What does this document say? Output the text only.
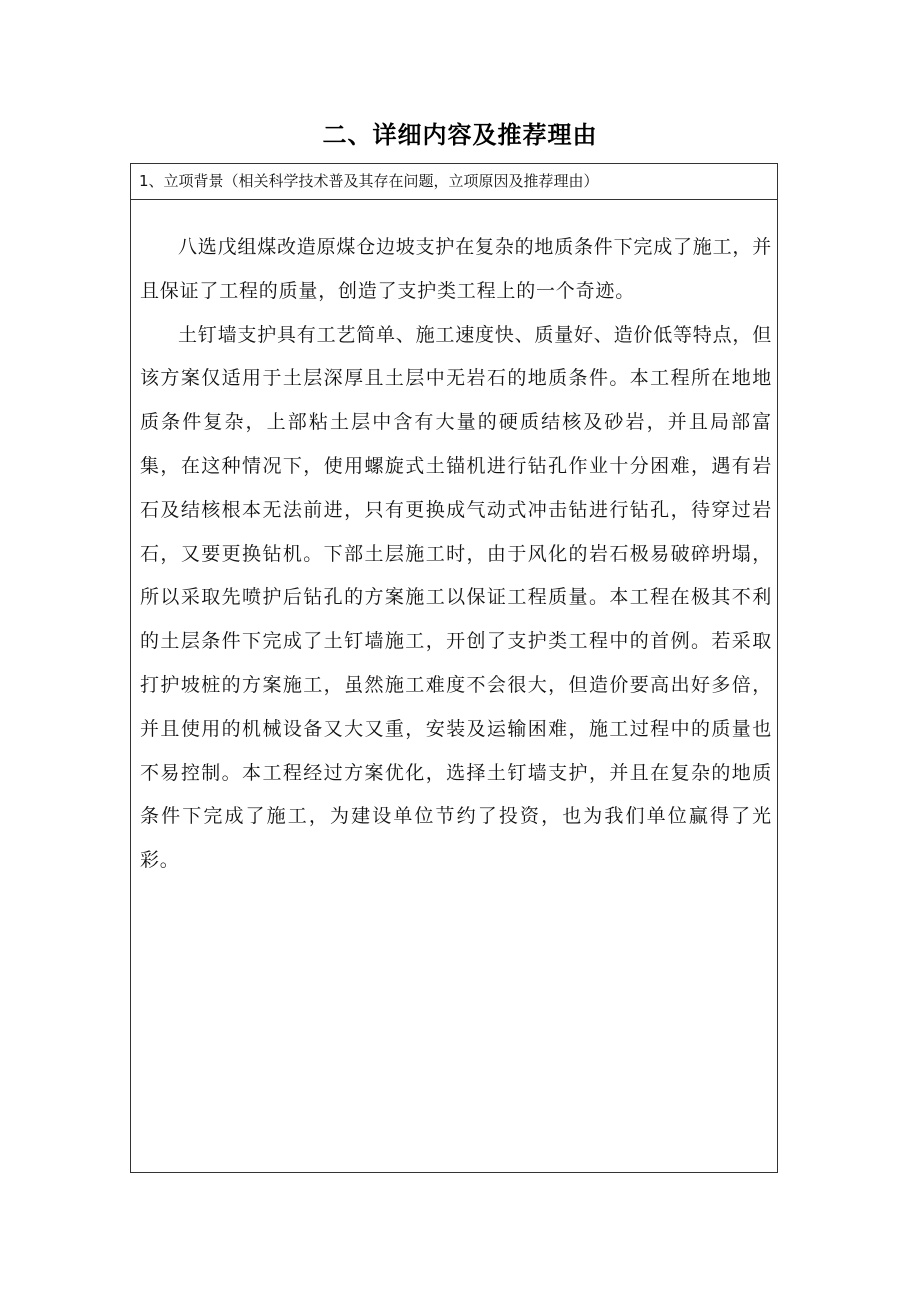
二、详细内容及推荐理由
1、立项背景（相关科学技术普及其存在问题，立项原因及推荐理由）

八选戊组煤改造原煤仓边坡支护在复杂的地质条件下完成了施工，并且保证了工程的质量，创造了支护类工程上的一个奇迹。

土钉墙支护具有工艺简单、施工速度快、质量好、造价低等特点，但该方案仅适用于土层深厚且土层中无岩石的地质条件。本工程所在地地质条件复杂，上部粘土层中含有大量的硬质结核及砂岩，并且局部富集，在这种情况下，使用螺旋式土锚机进行钻孔作业十分困难，遇有岩石及结核根本无法前进，只有更换成气动式冲击钻进行钻孔，待穿过岩石，又要更换钻机。下部土层施工时，由于风化的岩石极易破碎坍塌，所以采取先喷护后钻孔的方案施工以保证工程质量。本工程在极其不利的土层条件下完成了土钉墙施工，开创了支护类工程中的首例。若采取打护坡桩的方案施工，虽然施工难度不会很大，但造价要高出好多倍，并且使用的机械设备又大又重，安装及运输困难，施工过程中的质量也不易控制。本工程经过方案优化，选择土钉墙支护，并且在复杂的地质条件下完成了施工，为建设单位节约了投资，也为我们单位赢得了光彩。
